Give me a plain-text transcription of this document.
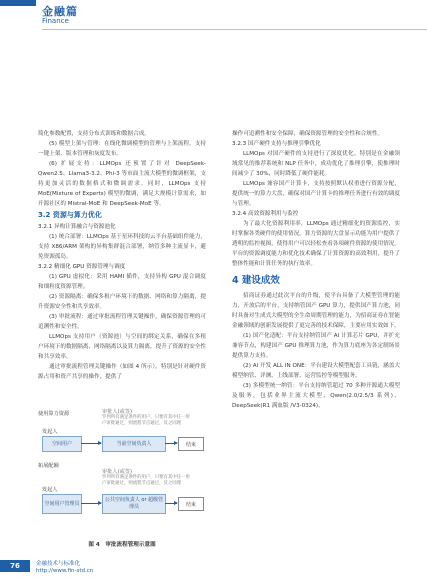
金融篇
Finance

简化参数配置，支持分布式训练和数据合成。

(5) 模型上架与管理：在线化微调模型的管理与上架流程，支持一键上架、版本管理和灰度发布。

(6) 扩展支持：LLMOps 还预置了针对 DeepSeek-Qwen2.5、Llama3-3.2、Phi-3 等市面主流大模型的微调框架，支持更加灵活的数据格式和微调需求。同时，LLMOps 支持 MoE(Mixture of Experts) 模型的微调，满足大规模计算需求，如开源社区的 Mistral-MoE 和 DeepSeek-MoE 等。

3.2 资源与算力优化

3.2.1 异构计算融合与资源池化

(1) 统合部署：LLMOps 基于星环科技的云平台基础组件能力，支持 X86/ARM 架构的异构集群混合部署，纳管多种主流显卡，避免资源孤岛。

3.2.2 精细化 GPU 资源管理与调度

(1) GPU 虚拟化：采用 HAMI 插件，支持异构 GPU 混合调度和细粒度资源管理。

(2) 资源隔离：确保多租户环境下的数据、网络和算力隔离，提升资源安全性和共享效率。

(3) 审批流程：通过审批流程管理关键操作，确保资源管理的可追溯性和安全性。

LLMOps 支持用户（资源池）与空间的绑定关系，确保在多租户环境下的数据隔离、网络隔离以及算力隔离，提升了资源的安全性和共享效率。

通过审批流程管理关键操作（如图 4 所示），特别是针对硬件资源占用和资产共享的操作，提供了

使用算力资源	审批人(或签)
罗列所有满足条件的用户，只要有其中任一用户审批通过，则流程节点通过，反之同理
发起人
空间用户	当前空间负责人	结束
拓展配额
审批人(或签)
罗列所有满足条件的用户，只要有其中任一用户审批通过，则流程节点通过，反之同理
发起人
空间用户管理员
公共空间负责人 or 超级管理员	结束
图 4　审批流程管理示意图

操作可追溯性和安全保障，确保资源管理的安全性和合规性。

3.2.3 国产硬件支持与推理引擎优化

LLMOps 对国产硬件的支持进行了深度优化。特别是在金融领域常见的推荐系统和 NLP 任务中，成功优化了推理引擎，使推理时间减少了 30%，同时降低了硬件能耗。

LLMOps 兼容国产计算卡，支持按照默认权重进行资源分配，提供统一的算力大盘，确保对国产计算卡的推理任务进行有效的调度与管理。

3.2.4 高效资源利用与监控

为了最大化资源利用率，LLMOps 通过精细化的资源监控，实时掌握各类硬件的使用情况。算力资源的大盘显示功能为用户提供了透明的监控视图，使得用户可以轻松查看各项硬件资源的使用情况。平台的资源调度能力和优化技术确保了计算资源的高效利用，提升了整体性能和计算任务的执行效率。

4 建设成效

招商证券通过此次平台的升级，使平台具备了大模型管理的能力，开放后的平台，支持纳管国产 GPU 算力，提供国产算力池，同时具备对生成式大模型的全生命周期管理的能力，为招商证券在智能金融领域的创新发展提供了更完善的技术保障，主要应用实效如下。

(1) 国产化适配：平台支持纳管国产 AI 计算芯片 GPU，并扩充兼容节点，构建国产 GPU 推理算力池，作为算力底座为各定制场景提供算力支持。

(2) AI 开发 ALL IN ONE：平台建设大模型配套工具链，涵盖大模型纳管、评测、上线部署、运营监控等模型服务。

(3) 多模型统一纳管：平台支持纳管超过 70 多种开源通大模型及服务，包括业界主流大模型，Qwen(2.0/2.5/3 系列)、DeepSeek(R1 满血版 /V3-0324)、

76	金融技术与标准化
http://www.fin-std.cn
